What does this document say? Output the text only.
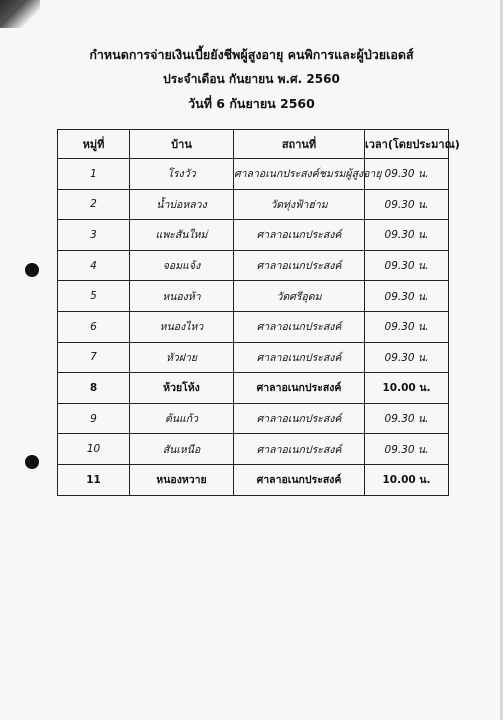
กำหนดการจ่ายเงินเบี้ยยังชีพผู้สูงอายุ คนพิการและผู้ป่วยเอดส์
ประจำเดือน กันยายน พ.ศ. 2560
วันที่ 6 กันยายน 2560
หมู่ที่	บ้าน	สถานที่	เวลา(โดยประมาณ)
1	โรงวัว	ศาลาอเนกประสงค์ชมรมผู้สูงอายุ	09.30 น.
2	น้ำบ่อหลวง	วัดทุ่งฟ้าฮ่าม	09.30 น.
3	แพะสันใหม่	ศาลาอเนกประสงค์	09.30 น.
4	จอมแจ้ง	ศาลาอเนกประสงค์	09.30 น.
5	หนองห้า	วัดศรีอุดม	09.30 น.
6	หนองไหว	ศาลาอเนกประสงค์	09.30 น.
7	หัวฝาย	ศาลาอเนกประสงค์	09.30 น.
8	ห้วยโห้ง	ศาลาอเนกประสงค์	10.00 น.
9	ต้นแก้ว	ศาลาอเนกประสงค์	09.30 น.
10	สันเหนือ	ศาลาอเนกประสงค์	09.30 น.
11	หนองหวาย	ศาลาอเนกประสงค์	10.00 น.
